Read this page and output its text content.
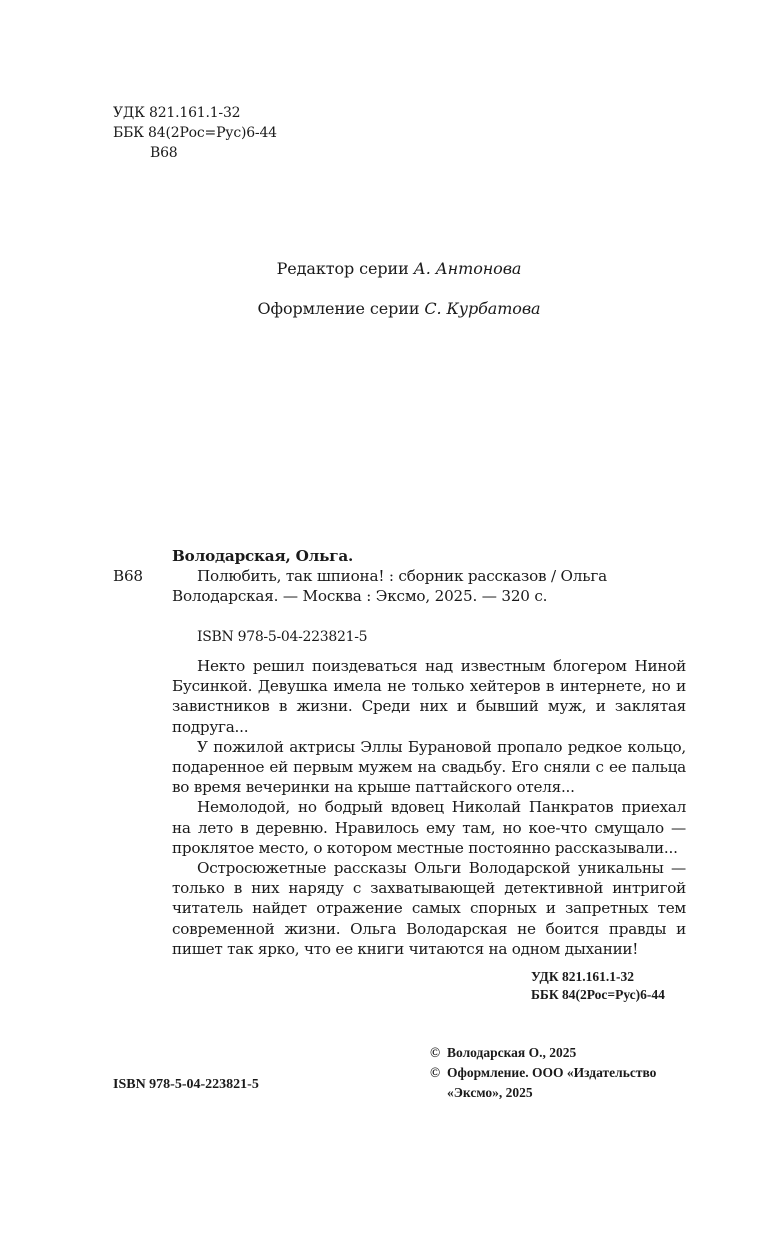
УДК 821.161.1-32
ББК 84(2Рос=Рус)6-44
В68
Редактор серии А. Антонова
Оформление серии С. Курбатова
Володарская, Ольга.
В68	Полюбить, так шпиона! : сборник рассказов / Ольга
Володарская. — Москва : Эксмо, 2025. — 320 с.
ISBN 978-5-04-223821-5

Некто решил поиздеваться над известным блогером Ниной Бусинкой. Девушка имела не только хейтеров в интернете, но и завистников в жизни. Среди них и бывший муж, и заклятая подруга...

У пожилой актрисы Эллы Бурановой пропало редкое кольцо, подаренное ей первым мужем на свадьбу. Его сняли с ее пальца во время вечеринки на крыше паттайского отеля...

Немолодой, но бодрый вдовец Николай Панкратов приехал на лето в деревню. Нравилось ему там, но кое-что смущало — проклятое место, о котором местные постоянно рассказывали...

Остросюжетные рассказы Ольги Володарской уникальны — только в них наряду с захватывающей детективной интригой читатель найдет отражение самых спорных и запретных тем современной жизни. Ольга Володарская не боится правды и пишет так ярко, что ее книги читаются на одном дыхании!

УДК 821.161.1-32
ББК 84(2Рос=Рус)6-44
© Володарская О., 2025
© Оформление. ООО «Издательство «Эксмо», 2025
ISBN 978-5-04-223821-5
